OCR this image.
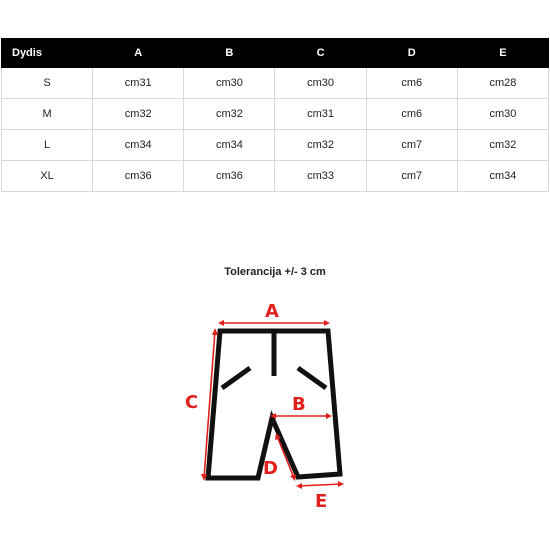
Dydis	A	B	C	D	E
S	cm31	cm30	cm30	cm6	cm28
M	cm32	cm32	cm31	cm6	cm30
L	cm34	cm34	cm32	cm7	cm32
XL	cm36	cm36	cm33	cm7	cm34
Tolerancija +/- 3 cm
A
C	B
D
E
